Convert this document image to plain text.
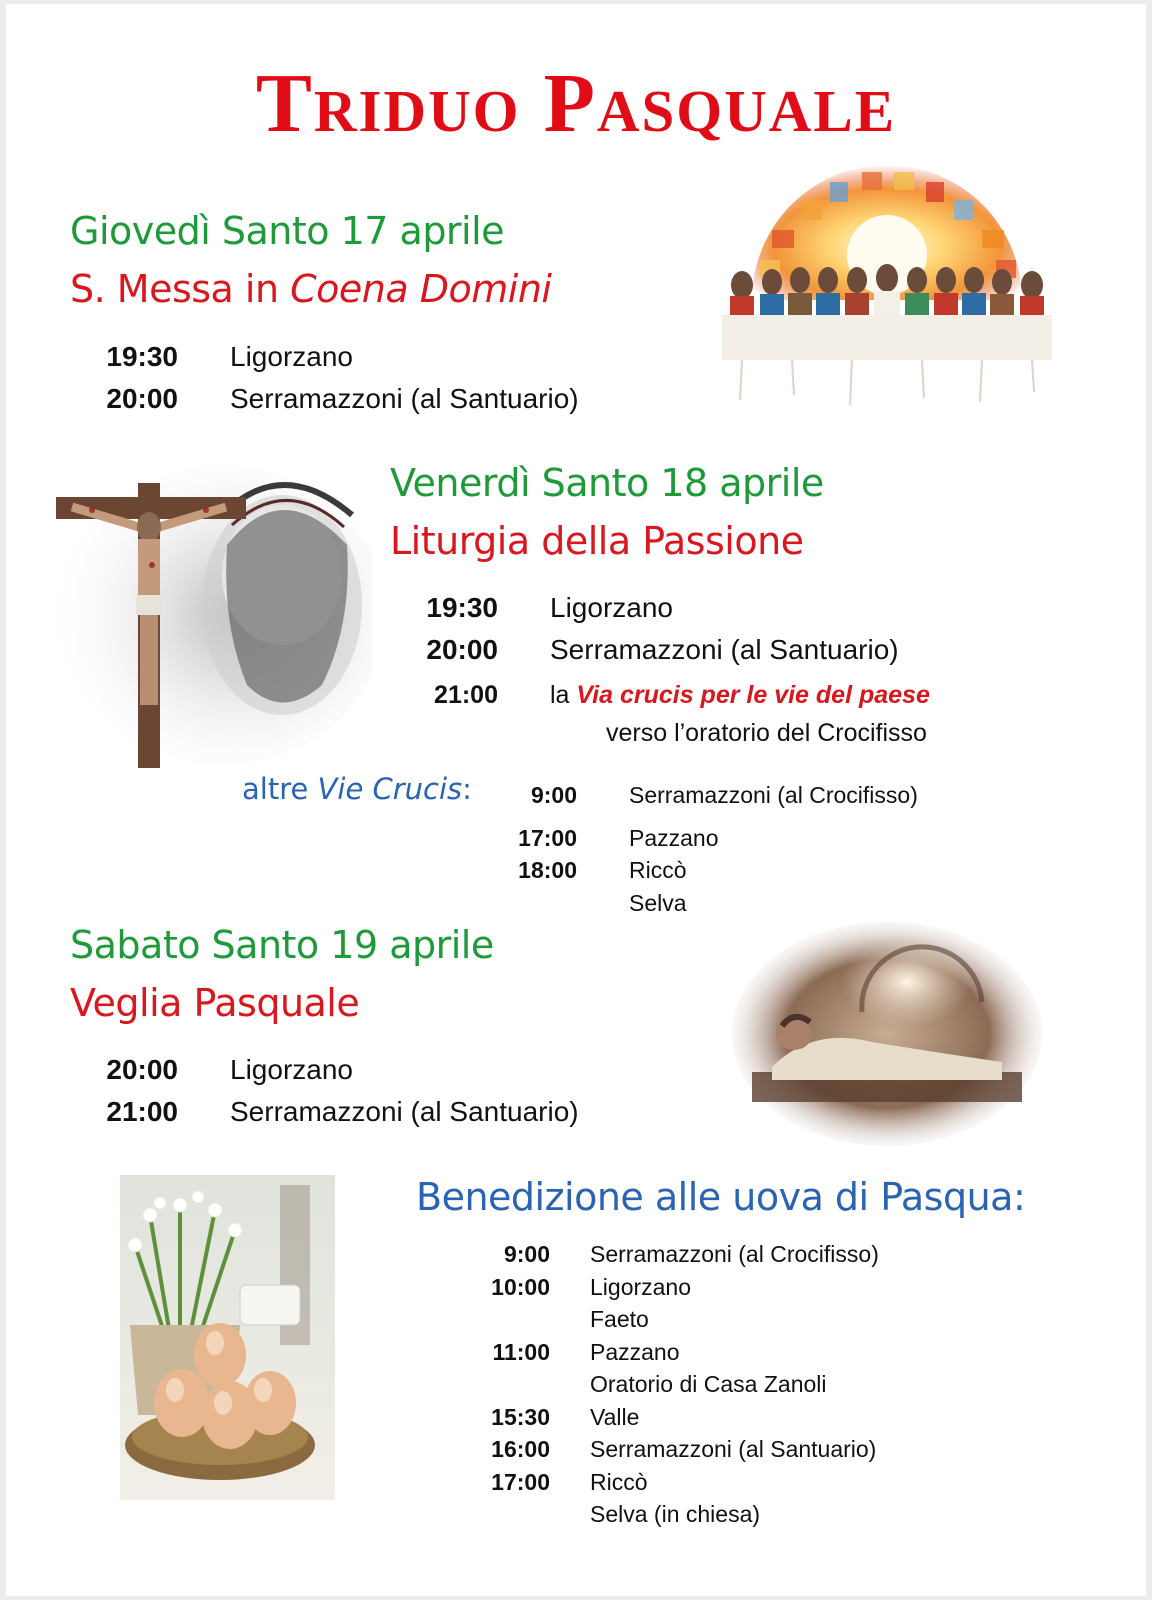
Triduo Pasquale
Giovedì Santo 17 aprile
S. Messa in Coena Domini
19:30 Ligorzano
20:00 Serramazzoni (al Santuario)
Venerdì Santo 18 aprile
Liturgia della Passione
19:30 Ligorzano
20:00 Serramazzoni (al Santuario)
21:00 la Via crucis per le vie del paese
verso l’oratorio del Crocifisso
altre Vie Crucis:	9:00 Serramazzoni (al Crocifisso)
17:00 Pazzano
18:00 Riccò
Selva
Sabato Santo 19 aprile
Veglia Pasquale
20:00 Ligorzano
21:00 Serramazzoni (al Santuario)
Benedizione alle uova di Pasqua:
9:00 Serramazzoni (al Crocifisso)
10:00 Ligorzano
Faeto
11:00 Pazzano
Oratorio di Casa Zanoli
15:30 Valle
16:00 Serramazzoni (al Santuario)
17:00 Riccò
Selva (in chiesa)
